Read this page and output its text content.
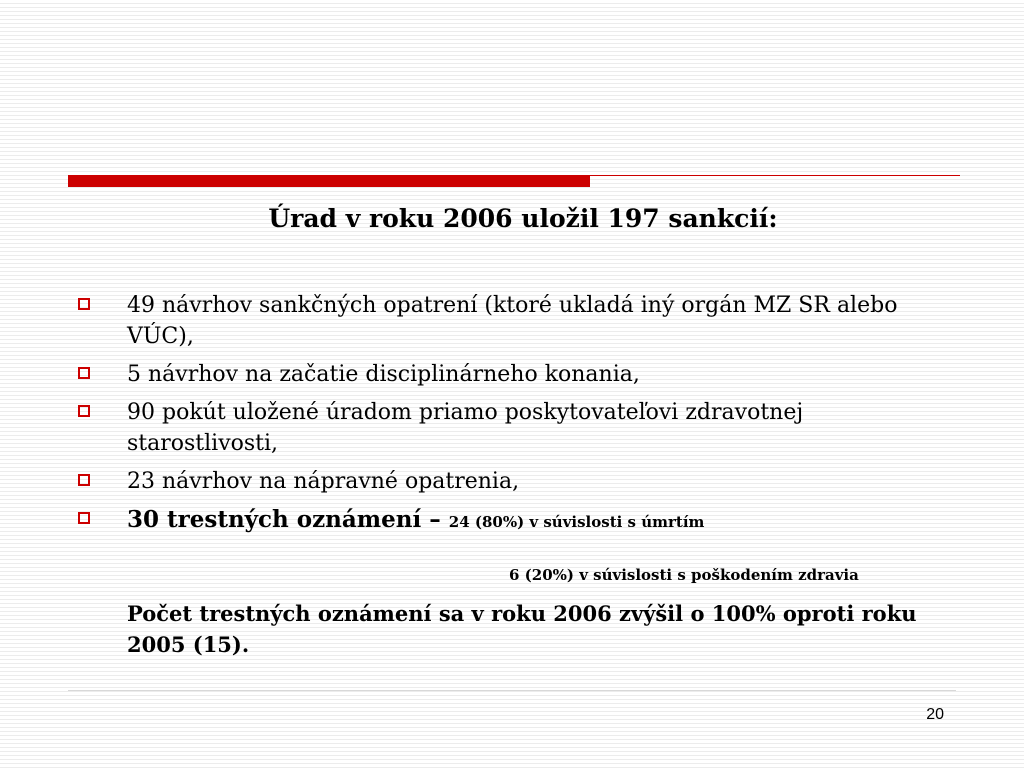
Úrad v roku 2006 uložil 197 sankcií:
49 návrhov sankčných opatrení (ktoré ukladá iný orgán MZ SR alebo VÚC),
5 návrhov na začatie disciplinárneho konania,
90 pokút uložené úradom priamo poskytovateľovi zdravotnej starostlivosti,
23 návrhov na nápravné opatrenia,
30 trestných oznámení – 24 (80%) v súvislosti s úmrtím
6 (20%) v súvislosti s poškodením zdravia
Počet trestných oznámení sa v roku 2006 zvýšil o 100% oproti roku 2005 (15).
20
